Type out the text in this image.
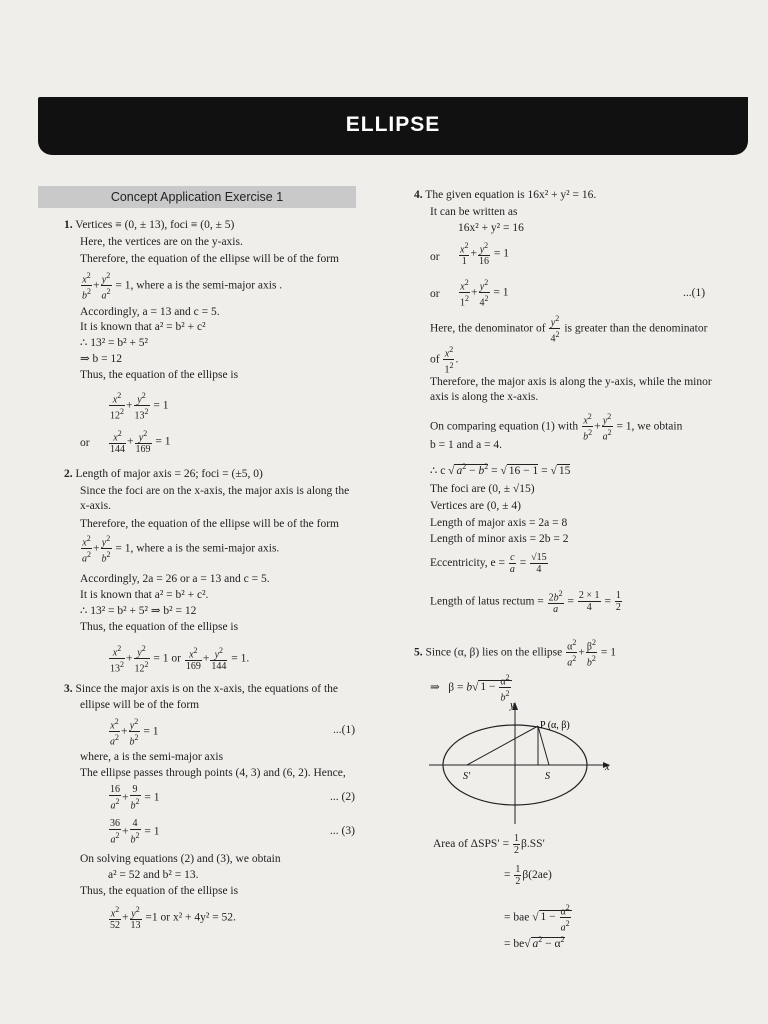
ELLIPSE
Concept Application Exercise 1
1. Vertices ≡ (0, ± 13), foci ≡ (0, ± 5)
Here, the vertices are on the y-axis.
Therefore, the equation of the ellipse will be of the form
$\frac{x^2}{b^2} + \frac{y^2}{a^2} = 1$, where a is the semi-major axis .
Accordingly, a = 13 and c = 5.
It is known that a² = b² + c²
∴ 13² = b² + 5²
⇒ b = 12
Thus, the equation of the ellipse is
$\frac{x^2}{12^2} + \frac{y^2}{13^2} = 1$
or $\frac{x^2}{144} + \frac{y^2}{169} = 1$
2. Length of major axis = 26; foci = (±5, 0)
Since the foci are on the x-axis, the major axis is along the
x-axis.
Therefore, the equation of the ellipse will be of the form
$\frac{x^2}{a^2} + \frac{y^2}{b^2} = 1$, where a is the semi-major axis.
Accordingly, 2a = 26 or a = 13 and c = 5.
It is known that a² = b² + c².
∴ 13² = b² + 5² ⇒ b² = 12
Thus, the equation of the ellipse is
$\frac{x^2}{13^2} + \frac{y^2}{12^2} = 1$ or $\frac{x^2}{169} + \frac{y^2}{144} = 1$.
3. Since the major axis is on the x-axis, the equations of the
ellipse will be of the form
$\frac{x^2}{a^2} + \frac{y^2}{b^2} = 1$	...(1)
where, a is the semi-major axis
The ellipse passes through points (4, 3) and (6, 2). Hence,
$\frac{16}{a^2} + \frac{9}{b^2} = 1$	... (2)
$\frac{36}{a^2} + \frac{4}{b^2} = 1$	... (3)
On solving equations (2) and (3), we obtain
a² = 52 and b² = 13.
Thus, the equation of the ellipse is
$\frac{x^2}{52} + \frac{y^2}{13} =1$ or x² + 4y² = 52.
4. The given equation is 16x² + y² = 16.
It can be written as
16x² + y² = 16
or $\frac{x^2}{1} + \frac{y^2}{16} = 1$
or $\frac{x^2}{1^2} + \frac{y^2}{4^2} = 1$	...(1)
Here, the denominator of $\frac{y^2}{4^2}$ is greater than the denominator
of $\frac{x^2}{1^2}$ .
Therefore, the major axis is along the y-axis, while the minor
axis is along the x-axis.
On comparing equation (1) with $\frac{x^2}{b^2} + \frac{y^2}{a^2} = 1$, we obtain
b = 1 and a = 4.
∴ c √ $a^2 - b^2$ = √ 16 − 1 = √ 15
The foci are (0, ± √15)
Vertices are (0, ± 4)
Length of major axis = 2a = 8
Length of minor axis = 2b = 2
Eccentricity, $e = \frac{c}{a} = \frac{√15}{4}$
Length of latus rectum = $\frac{2b^2}{a} = \frac{2 \times 1}{4} = \frac{1}{2}$
5. Since (α, β) lies on the ellipse $\frac{\alpha^2}{a^2} + \frac{\beta^2}{b^2} = 1$
⇒   β = b√ $1 - \frac{\alpha^2}{b^2}$
y
x
P (α, β)
S′	S
Area of $\Delta SPS' = \frac{1}{2} \beta.SS'$
= $\frac{1}{2} \beta(2ae)$
= bae √ $1 - \frac{\alpha^2}{a^2}$
= be√ $a^2 - \alpha^2$
